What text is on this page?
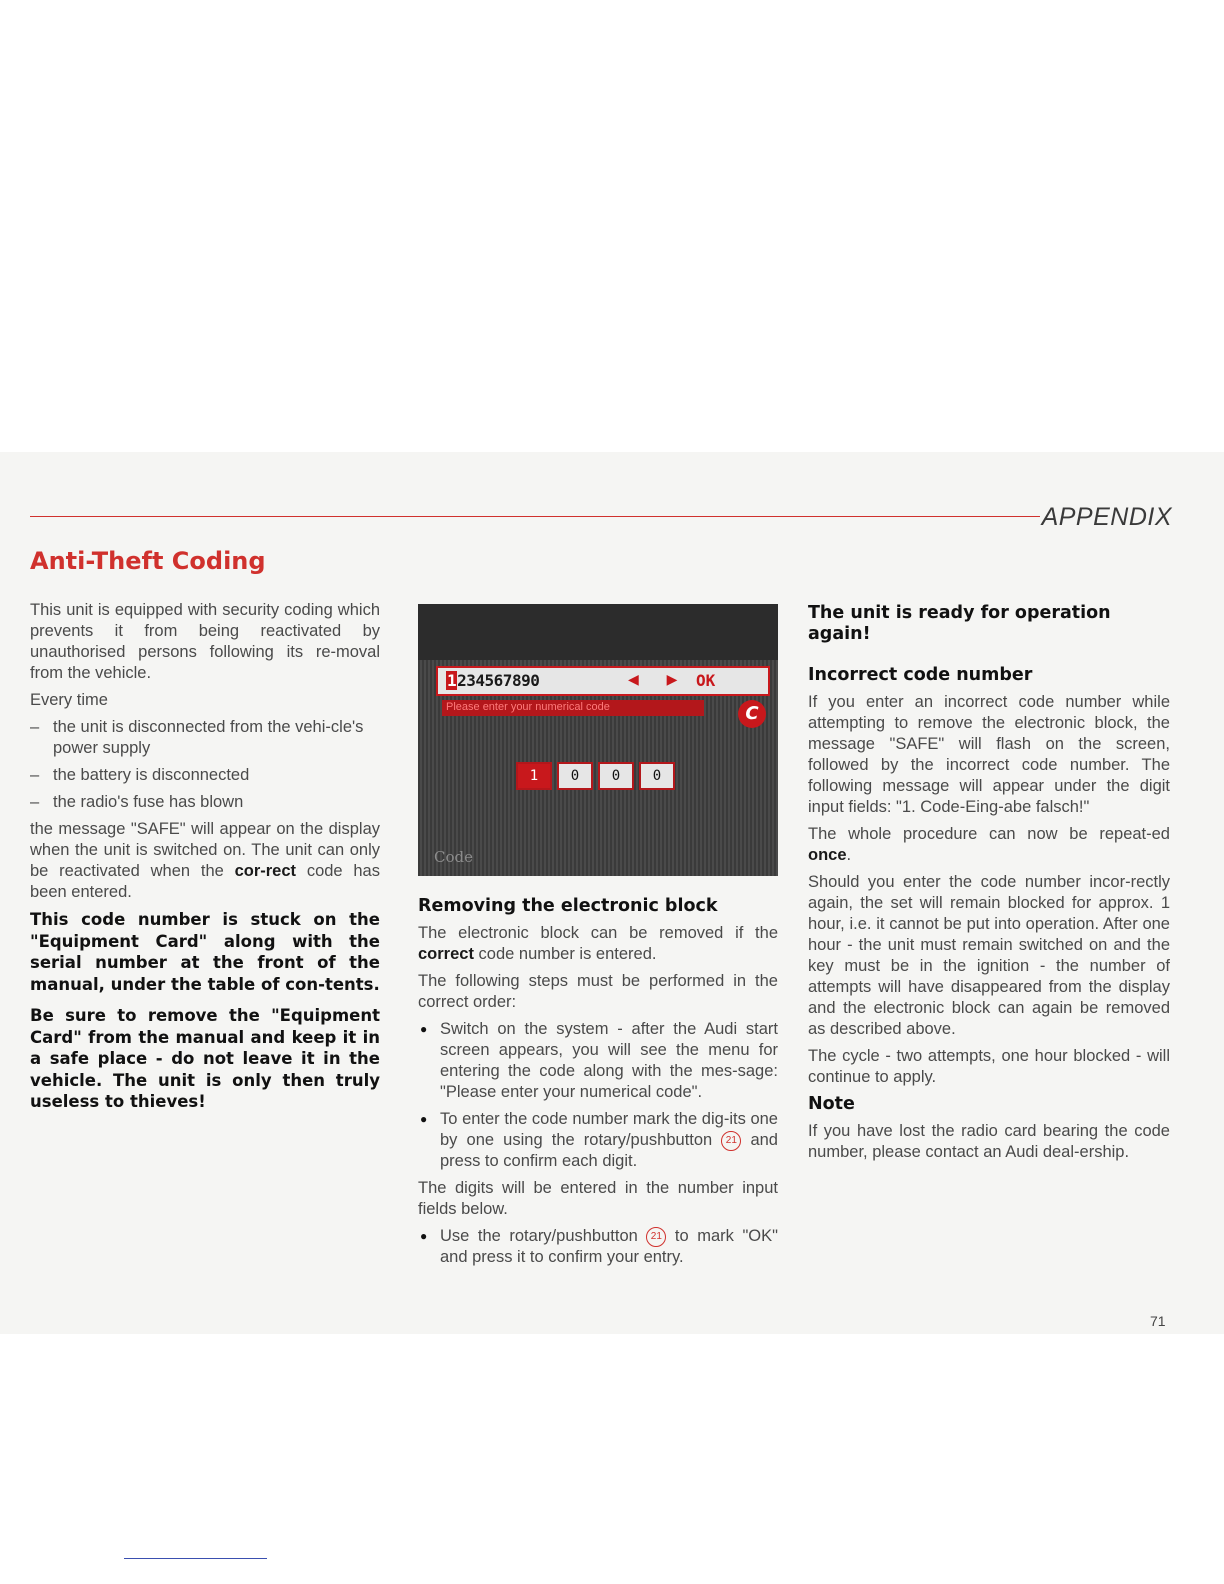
APPENDIX
Anti-Theft Coding

This unit is equipped with security coding which prevents it from being reactivated by unauthorised persons following its re-moval from the vehicle.

Every time

– the unit is disconnected from the vehi-cle's power supply
– the battery is disconnected
– the radio's fuse has blown

the message "SAFE" will appear on the display when the unit is switched on. The unit can only be reactivated when the cor-rect code has been entered.

This code number is stuck on the "Equipment Card" along with the serial number at the front of the manual, under the table of con-tents.

Be sure to remove the "Equipment Card" from the manual and keep it in a safe place - do not leave it in the vehicle. The unit is only then truly useless to thieves!

1234567890	◀ ▶ OK
Please enter your numerical code	C
1 0 0 0
Code
Removing the electronic block

The electronic block can be removed if the correct code number is entered.

The following steps must be performed in the correct order:

● Switch on the system - after the Audi start screen appears, you will see the menu for entering the code along with the mes-sage: "Please enter your numerical code".

● To enter the code number mark the dig-its one by one using the rotary/pushbutton 21 and press to confirm each digit.

The digits will be entered in the number input fields below.

● Use the rotary/pushbutton 21 to mark "OK" and press it to confirm your entry.

The unit is ready for operation again!
Incorrect code number

If you enter an incorrect code number while attempting to remove the electronic block, the message "SAFE" will flash on the screen, followed by the incorrect code number. The following message will appear under the digit input fields: "1. Code-Eing-abe falsch!"

The whole procedure can now be repeat-ed once.

Should you enter the code number incor-rectly again, the set will remain blocked for approx. 1 hour, i.e. it cannot be put into operation. After one hour - the unit must remain switched on and the key must be in the ignition - the number of attempts will have disappeared from the display and the electronic block can again be removed as described above.

The cycle - two attempts, one hour blocked - will continue to apply.

Note

If you have lost the radio card bearing the code number, please contact an Audi deal-ership.

71
